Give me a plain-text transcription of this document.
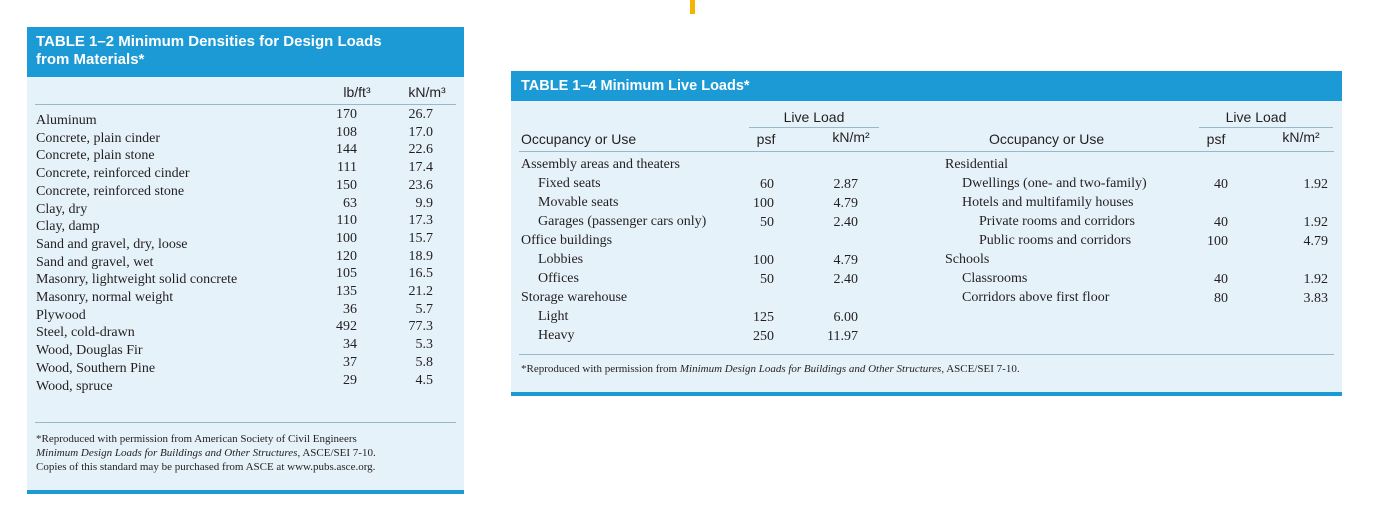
TABLE 1–2 Minimum Densities for Design Loads
from Materials*
lb/ft³	kN/m³
Aluminum	170	26.7
Concrete, plain cinder	108	17.0
Concrete, plain stone	144	22.6
Concrete, reinforced cinder	111	17.4
Concrete, reinforced stone	150	23.6
Clay, dry	63	9.9
Clay, damp	110	17.3
Sand and gravel, dry, loose	100	15.7
Sand and gravel, wet	120	18.9
Masonry, lightweight solid concrete	105	16.5
Masonry, normal weight	135	21.2
Plywood	36	5.7
Steel, cold-drawn	492	77.3
Wood, Douglas Fir	34	5.3
Wood, Southern Pine	37	5.8
Wood, spruce	29	4.5
*Reproduced with permission from American Society of Civil Engineers
Minimum Design Loads for Buildings and Other Structures, ASCE/SEI 7-10.
Copies of this standard may be purchased from ASCE at www.pubs.asce.org.
TABLE 1–4 Minimum Live Loads*
Live Load
Occupancy or Use	psf	kN/m²
Live Load
Occupancy or Use	psf	kN/m²
Assembly areas and theaters
Fixed seats	60	2.87
Movable seats	100	4.79
Garages (passenger cars only)	50	2.40
Office buildings
Lobbies	100	4.79
Offices	50	2.40
Storage warehouse
Light	125	6.00
Heavy	250	11.97
Residential
Dwellings (one- and two-family)	40	1.92
Hotels and multifamily houses
Private rooms and corridors	40	1.92
Public rooms and corridors	100	4.79
Schools
Classrooms	40	1.92
Corridors above first floor	80	3.83
*Reproduced with permission from Minimum Design Loads for Buildings and Other Structures, ASCE/SEI 7-10.
